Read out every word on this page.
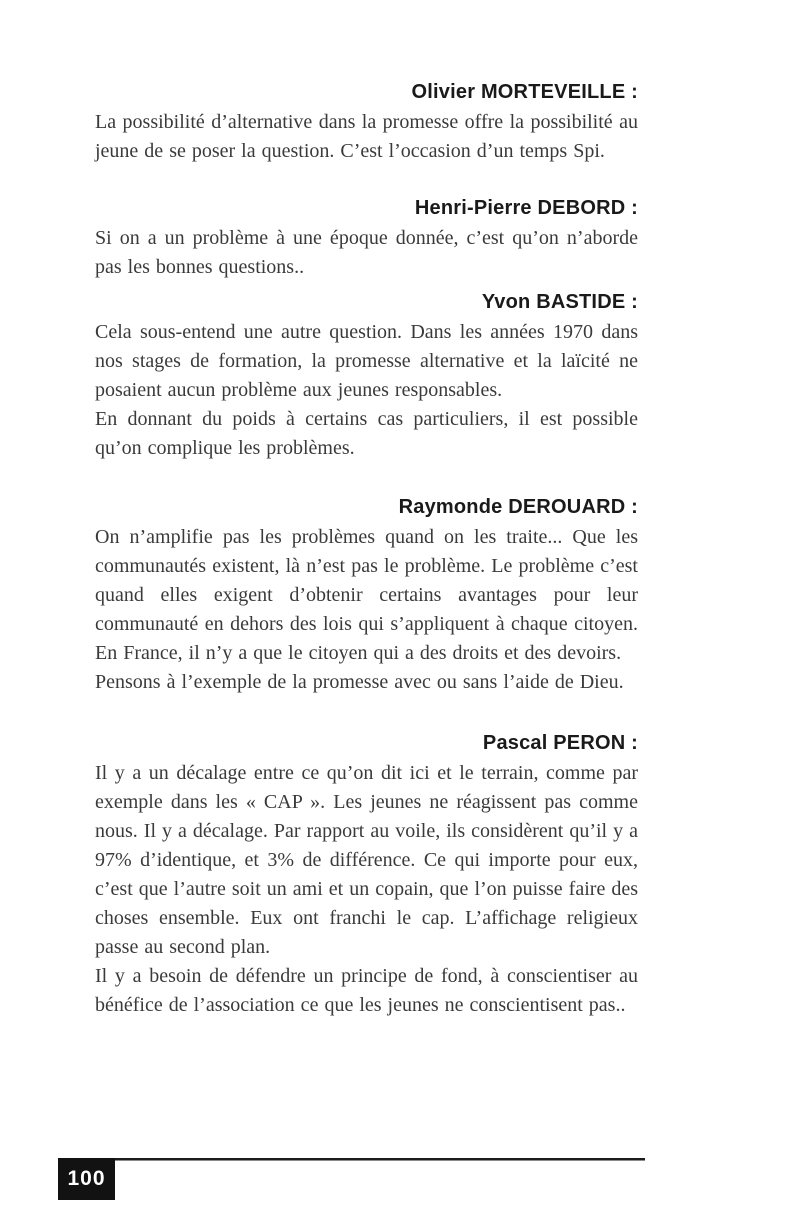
Olivier MORTEVEILLE :

La possibilité d’alternative dans la promesse offre la possibilité au jeune de se poser la question. C’est l’occasion d’un temps Spi.

Henri-Pierre DEBORD :

Si on a un problème à une époque donnée, c’est qu’on n’aborde pas les bonnes questions..

Yvon BASTIDE :

Cela sous-entend une autre question. Dans les années 1970 dans nos stages de formation, la promesse alternative et la laïcité ne posaient aucun problème aux jeunes responsables.

En donnant du poids à certains cas particuliers, il est possible qu’on complique les problèmes.

Raymonde DEROUARD :

On n’amplifie pas les problèmes quand on les traite... Que les communautés existent, là n’est pas le problème. Le problème c’est quand elles exigent d’obtenir certains avantages pour leur communauté en dehors des lois qui s’appliquent à chaque citoyen. En France, il n’y a que le citoyen qui a des droits et des devoirs.

Pensons à l’exemple de la promesse avec ou sans l’aide de Dieu.

Pascal PERON :

Il y a un décalage entre ce qu’on dit ici et le terrain, comme par exemple dans les « CAP ». Les jeunes ne réagissent pas comme nous. Il y a décalage. Par rapport au voile, ils considèrent qu’il y a 97% d’identique, et 3% de différence. Ce qui importe pour eux, c’est que l’autre soit un ami et un copain, que l’on puisse faire des choses ensemble. Eux ont franchi le cap. L’affichage religieux passe au second plan.

Il y a besoin de défendre un principe de fond, à conscientiser au bénéfice de l’association ce que les jeunes ne conscientisent pas..

100
